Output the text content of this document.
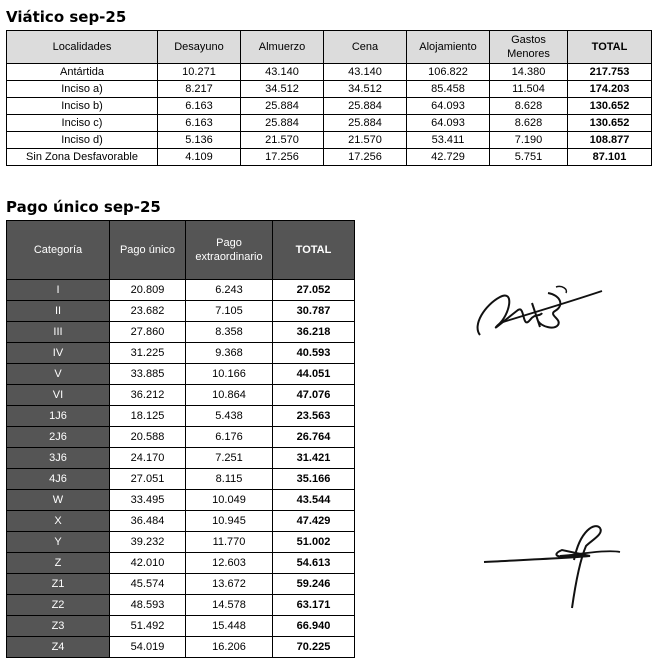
Viático sep-25
Localidades	Desayuno	Almuerzo	Cena	Alojamiento	Gastos Menores	TOTAL
Antártida	10.271	43.140	43.140	106.822	14.380	217.753
Inciso a)	8.217	34.512	34.512	85.458	11.504	174.203
Inciso b)	6.163	25.884	25.884	64.093	8.628	130.652
Inciso c)	6.163	25.884	25.884	64.093	8.628	130.652
Inciso d)	5.136	21.570	21.570	53.411	7.190	108.877
Sin Zona Desfavorable	4.109	17.256	17.256	42.729	5.751	87.101
Pago único sep-25
Categoría	Pago único	Pago extraordinario	TOTAL
I	20.809	6.243	27.052
II	23.682	7.105	30.787
III	27.860	8.358	36.218
IV	31.225	9.368	40.593
V	33.885	10.166	44.051
VI	36.212	10.864	47.076
1J6	18.125	5.438	23.563
2J6	20.588	6.176	26.764
3J6	24.170	7.251	31.421
4J6	27.051	8.115	35.166
W	33.495	10.049	43.544
X	36.484	10.945	47.429
Y	39.232	11.770	51.002
Z	42.010	12.603	54.613
Z1	45.574	13.672	59.246
Z2	48.593	14.578	63.171
Z3	51.492	15.448	66.940
Z4	54.019	16.206	70.225
